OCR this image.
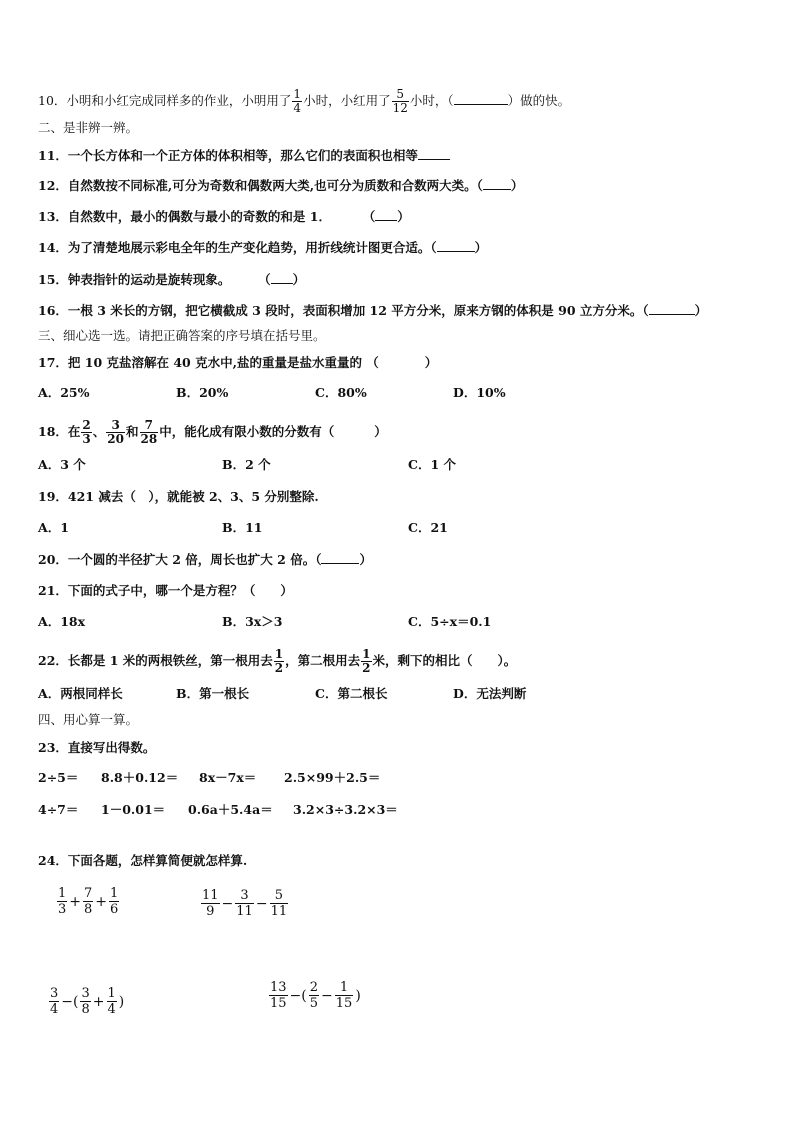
10．小明和小红完成同样多的作业，小明用了 $\frac{1}{4}$ 小时，小红用了 $\frac{5}{12}$ 小时，（	）做的快。
二、是非辨一辨。
11．一个长方体和一个正方体的体积相等，那么它们的表面积也相等
12．自然数按不同标准,可分为奇数和偶数两大类,也可分为质数和合数两大类。（ ）
13．自然数中，最小的偶数与最小的奇数的和是 1．	（ ）
14．为了清楚地展示彩电全年的生产变化趋势，用折线统计图更合适。（	）
15．钟表指针的运动是旋转现象。	（ ）
16．一根 3 米长的方钢，把它横截成 3 段时，表面积增加 12 平方分米，原来方钢的体积是 90 立方分米。（	）
三、细心选一选。请把正确答案的序号填在括号里。
17．把 10 克盐溶解在 40 克水中,盐的重量是盐水重量的 （	）
A．25%	B．20%	C．80%	D．10%
18．在 $\frac{2}{3}$ 、 $\frac{3}{20}$ 和 $\frac{7}{28}$ 中，能化成有限小数的分数有（	）
A．3 个	B．2 个	C．1 个
19．421 减去（　），就能被 2、3、5 分别整除.
A．1	B．11	C．21
20．一个圆的半径扩大 2 倍，周长也扩大 2 倍。（	）
21．下面的式子中，哪一个是方程？（　　）
A．18x	B．3x＞3	C．5÷x＝0.1
22．长都是 1 米的两根铁丝，第一根用去 $\frac{1}{2}$ ，第二根用去 $\frac{1}{2}$ 米，剩下的相比（　　）。
A．两根同样长	B．第一根长	C．第二根长	D．无法判断
四、用心算一算。
23．直接写出得数。
2÷5＝ 8.8＋0.12＝ 8x－7x＝ 2.5×99＋2.5＝
4÷7＝ 1－0.01＝ 0.6a＋5.4a＝ 3.2×3÷3.2×3＝
24．下面各题，怎样算简便就怎样算.
$\frac{1}{3} + \frac{7}{8} + \frac{1}{6}$	$\frac{11}{9} - \frac{3}{11} - \frac{5}{11}$
$\frac{3}{4}$ −( $\frac{3}{8} + \frac{1}{4}$ )	$\frac{13}{15}$ −( $\frac{2}{5} - \frac{1}{15}$ )
